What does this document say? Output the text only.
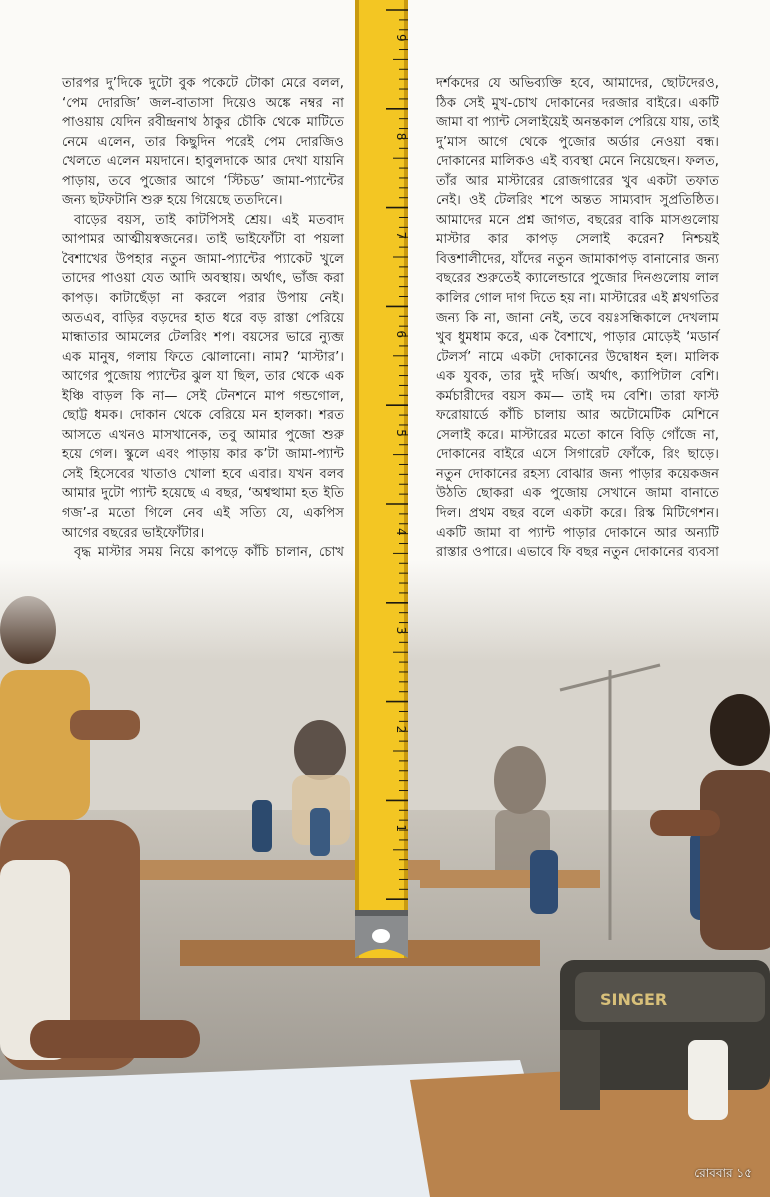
তারপর দু’দিকে দুটো বুক পকেটে টোকা মেরে বলল, ‘পেম দোরজি’ জল-বাতাসা দিয়েও অঙ্কে নম্বর না পাওয়ায় যেদিন রবীন্দ্রনাথ ঠাকুর চৌকি থেকে মাটিতে নেমে এলেন, তার কিছুদিন পরেই পেম দোরজিও খেলতে এলেন ময়দানে। হাবুলদাকে আর দেখা যায়নি পাড়ায়, তবে পুজোর আগে ‘স্টিচড’ জামা-প্যান্টের জন্য ছটফটানি শুরু হয়ে গিয়েছে ততদিনে।

বাড়ের বয়স, তাই কাটপিসই শ্রেয়। এই মতবাদ আপামর আত্মীয়স্বজনের। তাই ভাইফোঁটা বা পয়লা বৈশাখের উপহার নতুন জামা-প্যান্টের প্যাকেট খুলে তাদের পাওয়া যেত আদি অবস্থায়। অর্থাৎ, ভাঁজ করা কাপড়। কাটাছেঁড়া না করলে পরার উপায় নেই। অতএব, বাড়ির বড়দের হাত ধরে বড় রাস্তা পেরিয়ে মান্ধাতার আমলের টেলরিং শপ। বয়সের ভারে ন্যুব্জ এক মানুষ, গলায় ফিতে ঝোলানো। নাম? ‘মাস্টার’। আগের পুজোয় প্যান্টের ঝুল যা ছিল, তার থেকে এক ইঞ্চি বাড়ল কি না— সেই টেনশনে মাপ গন্ডগোল, ছোট্ট ধমক। দোকান থেকে বেরিয়ে মন হালকা। শরত আসতে এখনও মাসখানেক, তবু আমার পুজো শুরু হয়ে গেল। স্কুলে এবং পাড়ায় কার ক’টা জামা-প্যান্ট সেই হিসেবের খাতাও খোলা হবে এবার। যখন বলব আমার দুটো প্যান্ট হয়েছে এ বছর, ‘অশ্বত্থামা হত ইতি গজ’-র মতো গিলে নেব এই সত্যি যে, একপিস আগের বছরের ভাইফোঁটার।

বৃদ্ধ মাস্টার সময় নিয়ে কাপড়ে কাঁচি চালান, চোখ

দর্শকদের যে অভিব্যক্তি হবে, আমাদের, ছোটদেরও, ঠিক সেই মুখ-চোখ দোকানের দরজার বাইরে। একটি জামা বা প্যান্ট সেলাইয়েই অনন্তকাল পেরিয়ে যায়, তাই দু’মাস আগে থেকে পুজোর অর্ডার নেওয়া বন্ধ। দোকানের মালিকও এই ব্যবস্থা মেনে নিয়েছেন। ফলত, তাঁর আর মাস্টারের রোজগারের খুব একটা তফাত নেই। ওই টেলরিং শপে অন্তত সাম্যবাদ সুপ্রতিষ্ঠিত। আমাদের মনে প্রশ্ন জাগত, বছরের বাকি মাসগুলোয় মাস্টার কার কাপড় সেলাই করেন? নিশ্চয়ই বিত্তশালীদের, যাঁদের নতুন জামাকাপড় বানানোর জন্য বছরের শুরুতেই ক্যালেন্ডারে পুজোর দিনগুলোয় লাল কালির গোল দাগ দিতে হয় না। মাস্টারের এই শ্লথগতির জন্য কি না, জানা নেই, তবে বয়ঃসন্ধিকালে দেখলাম খুব ধুমধাম করে, এক বৈশাখে, পাড়ার মোড়েই ‘মডার্ন টেলর্স’ নামে একটা দোকানের উদ্বোধন হল। মালিক এক যুবক, তার দুই দর্জি। অর্থাৎ, ক্যাপিটাল বেশি। কর্মচারীদের বয়স কম— তাই দম বেশি। তারা ফাস্ট ফরোয়ার্ডে কাঁচি চালায় আর অটোমেটিক মেশিনে সেলাই করে। মাস্টারের মতো কানে বিড়ি গোঁজে না, দোকানের বাইরে এসে সিগারেট ফোঁকে, রিং ছাড়ে। নতুন দোকানের রহস্য বোঝার জন্য পাড়ার কয়েকজন উঠতি ছোকরা এক পুজোয় সেখানে জামা বানাতে দিল। প্রথম বছর বলে একটা করে। রিস্ক মিটিগেশন। একটি জামা বা প্যান্ট পাড়ার দোকানে আর অন্যটি রাস্তার ওপারে। এভাবে ফি বছর নতুন দোকানের ব্যবসা

9
8
7
6
5
4
3
2
1
রোববার ১৫
